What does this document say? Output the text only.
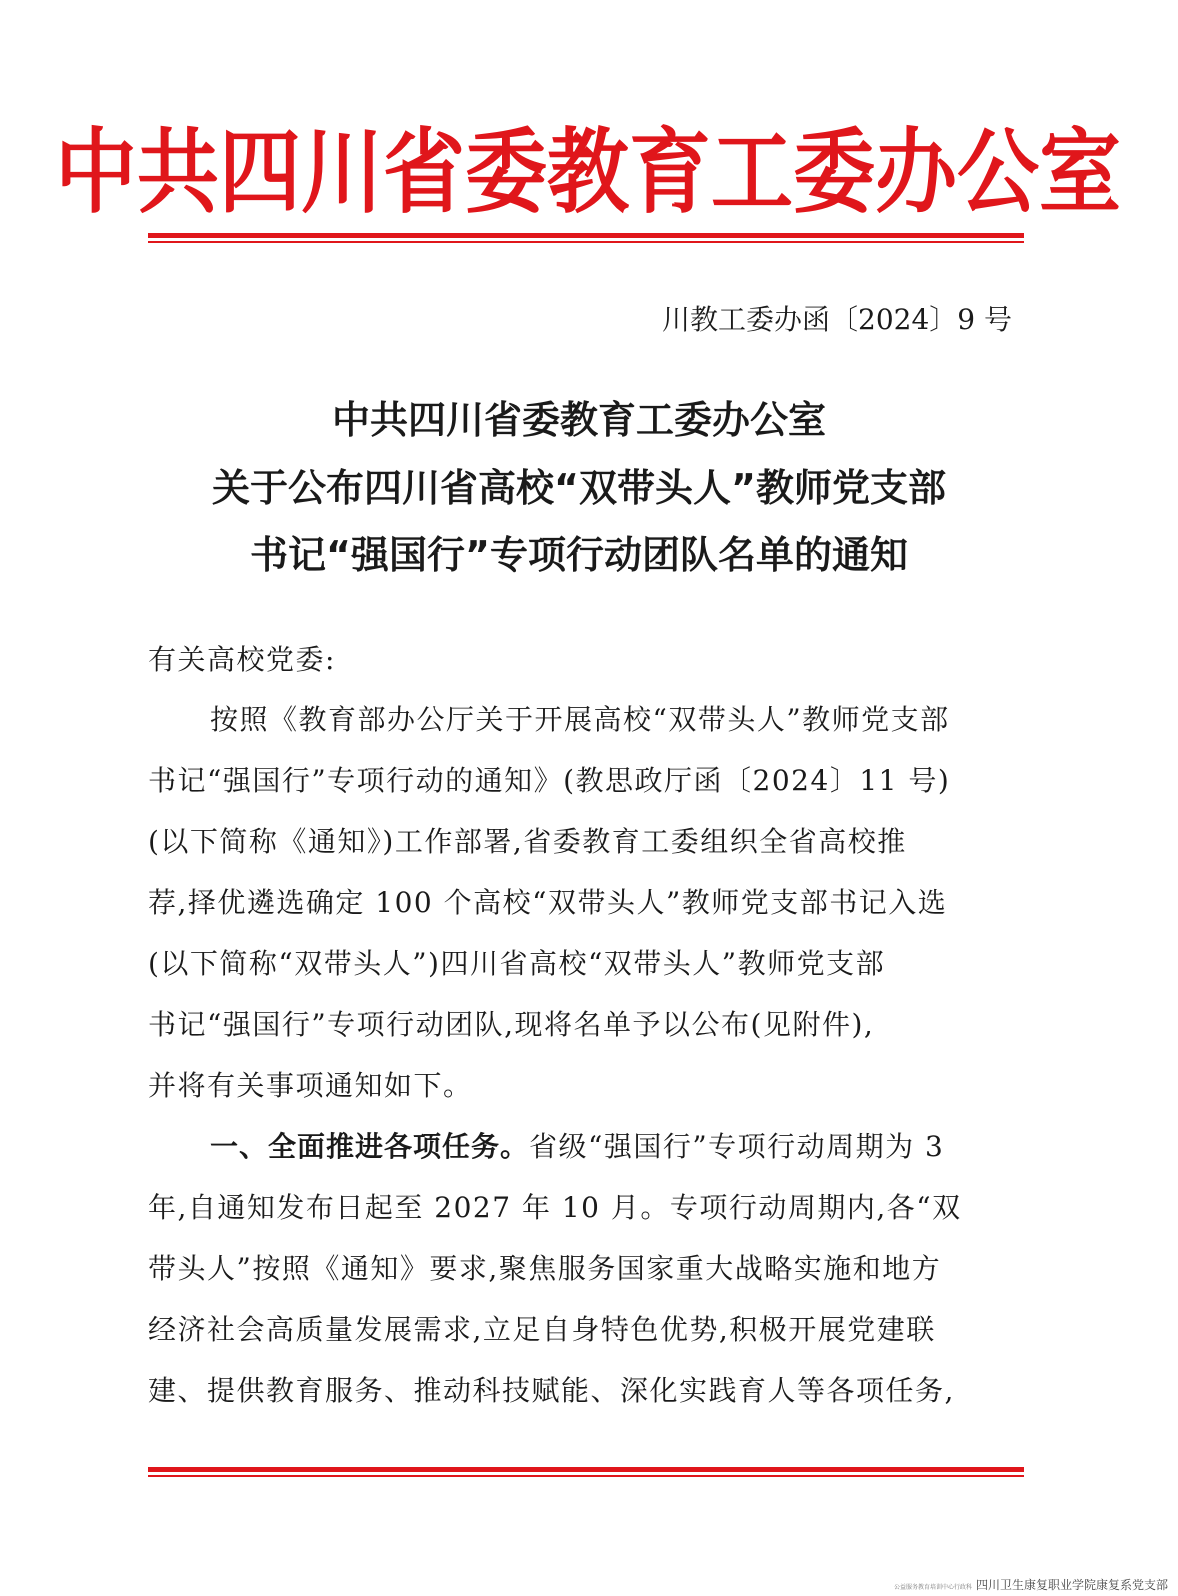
中共四川省委教育工委办公室
川教工委办函〔2024〕9 号
中共四川省委教育工委办公室
关于公布四川省高校“双带头人”教师党支部
书记“强国行”专项行动团队名单的通知
有关高校党委:
按照《教育部办公厅关于开展高校“双带头人”教师党支部
书记“强国行”专项行动的通知》(教思政厅函〔2024〕11 号)
(以下简称《通知》)工作部署,省委教育工委组织全省高校推
荐,择优遴选确定 100 个高校“双带头人”教师党支部书记入选
(以下简称“双带头人”)四川省高校“双带头人”教师党支部
书记“强国行”专项行动团队,现将名单予以公布(见附件),
并将有关事项通知如下。
一、全面推进各项任务。省级“强国行”专项行动周期为 3
年,自通知发布日起至 2027 年 10 月。专项行动周期内,各“双
带头人”按照《通知》要求,聚焦服务国家重大战略实施和地方
经济社会高质量发展需求,立足自身特色优势,积极开展党建联
建、提供教育服务、推动科技赋能、深化实践育人等各项任务,
公益服务教育培训中心行政科 四川卫生康复职业学院康复系党支部
